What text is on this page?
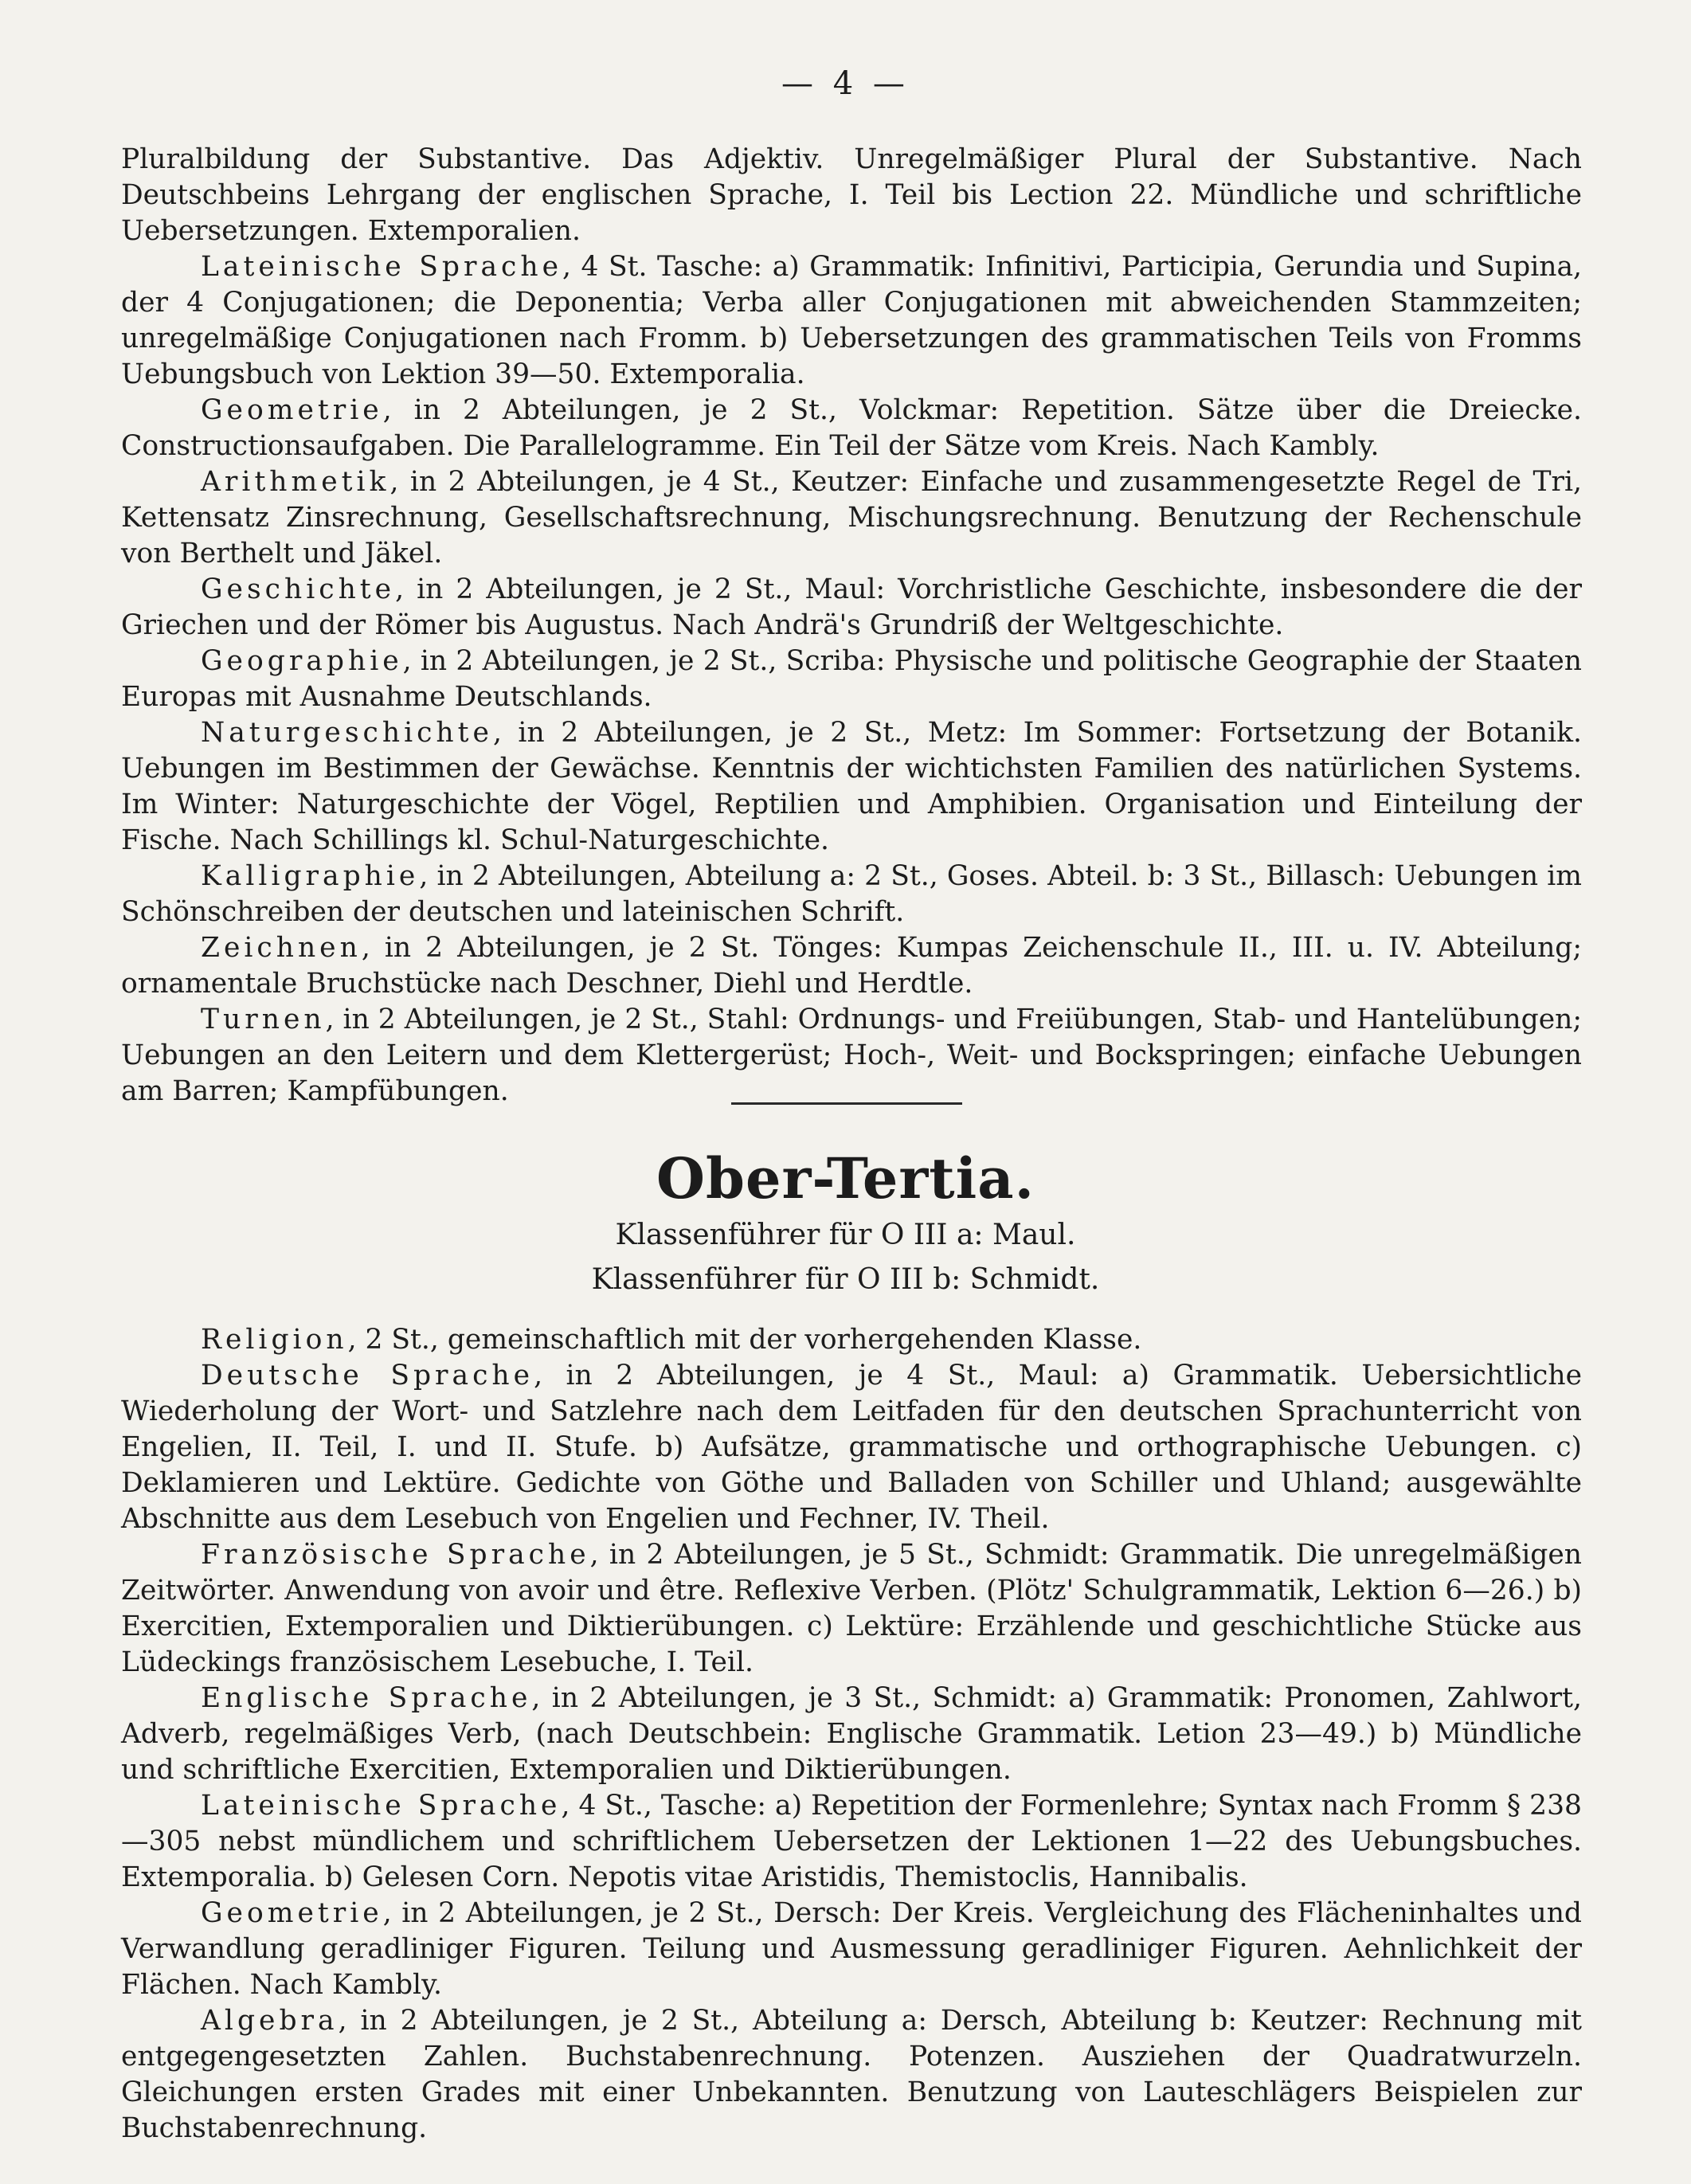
— 4 —

Pluralbildung der Substantive. Das Adjektiv. Unregelmäßiger Plural der Substantive. Nach Deutschbeins Lehrgang der englischen Sprache, I. Teil bis Lection 22. Mündliche und schriftliche Uebersetzungen. Extemporalien.

Lateinische Sprache, 4 St. Tasche: a) Grammatik: Infinitivi, Participia, Gerundia und Supina, der 4 Conjugationen; die Deponentia; Verba aller Conjugationen mit abweichenden Stammzeiten; unregelmäßige Conjugationen nach Fromm. b) Uebersetzungen des grammatischen Teils von Fromms Uebungsbuch von Lektion 39—50. Extemporalia.

Geometrie, in 2 Abteilungen, je 2 St., Volckmar: Repetition. Sätze über die Dreiecke. Constructionsaufgaben. Die Parallelogramme. Ein Teil der Sätze vom Kreis. Nach Kambly.

Arithmetik, in 2 Abteilungen, je 4 St., Keutzer: Einfache und zusammengesetzte Regel de Tri, Kettensatz Zinsrechnung, Gesellschaftsrechnung, Mischungsrechnung. Benutzung der Rechenschule von Berthelt und Jäkel.

Geschichte, in 2 Abteilungen, je 2 St., Maul: Vorchristliche Geschichte, insbesondere die der Griechen und der Römer bis Augustus. Nach Andrä's Grundriß der Weltgeschichte.

Geographie, in 2 Abteilungen, je 2 St., Scriba: Physische und politische Geographie der Staaten Europas mit Ausnahme Deutschlands.

Naturgeschichte, in 2 Abteilungen, je 2 St., Metz: Im Sommer: Fortsetzung der Botanik. Uebungen im Bestimmen der Gewächse. Kenntnis der wichtichsten Familien des natürlichen Systems. Im Winter: Naturgeschichte der Vögel, Reptilien und Amphibien. Organisation und Einteilung der Fische. Nach Schillings kl. Schul-Naturgeschichte.

Kalligraphie, in 2 Abteilungen, Abteilung a: 2 St., Goses. Abteil. b: 3 St., Billasch: Uebungen im Schönschreiben der deutschen und lateinischen Schrift.

Zeichnen, in 2 Abteilungen, je 2 St. Tönges: Kumpas Zeichenschule II., III. u. IV. Abteilung; ornamentale Bruchstücke nach Deschner, Diehl und Herdtle.

Turnen, in 2 Abteilungen, je 2 St., Stahl: Ordnungs- und Freiübungen, Stab- und Hantelübungen; Uebungen an den Leitern und dem Klettergerüst; Hoch-, Weit- und Bockspringen; einfache Uebungen am Barren; Kampfübungen.

Ober-Tertia.
Klassenführer für O III a: Maul.
Klassenführer für O III b: Schmidt.

Religion, 2 St., gemeinschaftlich mit der vorhergehenden Klasse.

Deutsche Sprache, in 2 Abteilungen, je 4 St., Maul: a) Grammatik. Uebersichtliche Wiederholung der Wort- und Satzlehre nach dem Leitfaden für den deutschen Sprachunterricht von Engelien, II. Teil, I. und II. Stufe. b) Aufsätze, grammatische und orthographische Uebungen. c) Deklamieren und Lektüre. Gedichte von Göthe und Balladen von Schiller und Uhland; ausgewählte Abschnitte aus dem Lesebuch von Engelien und Fechner, IV. Theil.

Französische Sprache, in 2 Abteilungen, je 5 St., Schmidt: Grammatik. Die unregelmäßigen Zeitwörter. Anwendung von avoir und être. Reflexive Verben. (Plötz' Schulgrammatik, Lektion 6—26.) b) Exercitien, Extemporalien und Diktierübungen. c) Lektüre: Erzählende und geschichtliche Stücke aus Lüdeckings französischem Lesebuche, I. Teil.

Englische Sprache, in 2 Abteilungen, je 3 St., Schmidt: a) Grammatik: Pronomen, Zahlwort, Adverb, regelmäßiges Verb, (nach Deutschbein: Englische Grammatik. Letion 23—49.) b) Mündliche und schriftliche Exercitien, Extemporalien und Diktierübungen.

Lateinische Sprache, 4 St., Tasche: a) Repetition der Formenlehre; Syntax nach Fromm § 238—305 nebst mündlichem und schriftlichem Uebersetzen der Lektionen 1—22 des Uebungsbuches. Extemporalia. b) Gelesen Corn. Nepotis vitae Aristidis, Themistoclis, Hannibalis.

Geometrie, in 2 Abteilungen, je 2 St., Dersch: Der Kreis. Vergleichung des Flächeninhaltes und Verwandlung geradliniger Figuren. Teilung und Ausmessung geradliniger Figuren. Aehnlichkeit der Flächen. Nach Kambly.

Algebra, in 2 Abteilungen, je 2 St., Abteilung a: Dersch, Abteilung b: Keutzer: Rechnung mit entgegengesetzten Zahlen. Buchstabenrechnung. Potenzen. Ausziehen der Quadratwurzeln. Gleichungen ersten Grades mit einer Unbekannten. Benutzung von Lauteschlägers Beispielen zur Buchstabenrechnung.
